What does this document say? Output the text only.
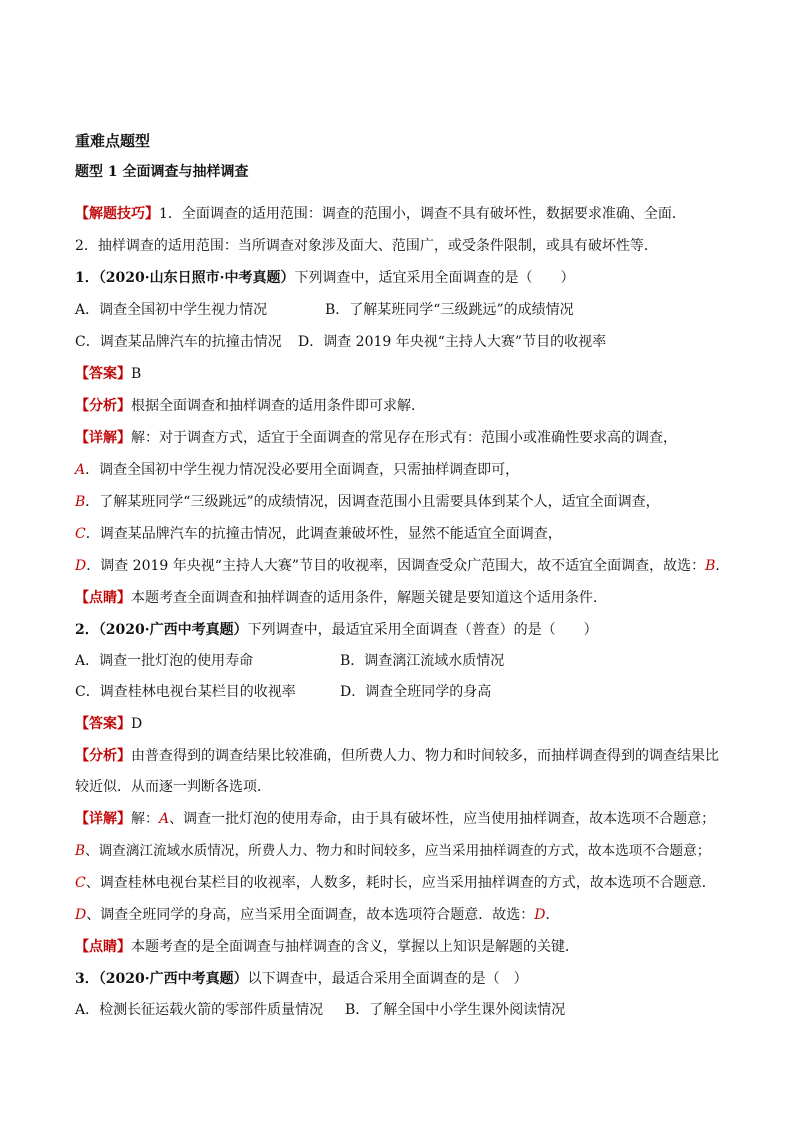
重难点题型
题型 1 全面调查与抽样调查
【解题技巧】1．全面调查的适用范围：调查的范围小，调查不具有破坏性，数据要求准确、全面．
2．抽样调查的适用范围：当所调查对象涉及面大、范围广，或受条件限制，或具有破坏性等．
1．（2020·山东日照市·中考真题）下列调查中，适宜采用全面调查的是（　　）
A．调查全国初中学生视力情况	B．了解某班同学“三级跳远”的成绩情况
C．调查某品牌汽车的抗撞击情况 D．调查 2019 年央视“主持人大赛”节目的收视率
【答案】B
【分析】根据全面调查和抽样调查的适用条件即可求解．
【详解】解：对于调查方式，适宜于全面调查的常见存在形式有：范围小或准确性要求高的调查，
A．调查全国初中学生视力情况没必要用全面调查，只需抽样调查即可，
B．了解某班同学“三级跳远”的成绩情况，因调查范围小且需要具体到某个人，适宜全面调查，
C．调查某品牌汽车的抗撞击情况，此调查兼破坏性，显然不能适宜全面调查，
D．调查 2019 年央视“主持人大赛”节目的收视率，因调查受众广范围大，故不适宜全面调查，故选：B．
【点睛】本题考查全面调查和抽样调查的适用条件，解题关键是要知道这个适用条件．
2．（2020·广西中考真题）下列调查中，最适宜采用全面调查（普查）的是（　　）
A．调查一批灯泡的使用寿命	B．调查漓江流域水质情况
C．调查桂林电视台某栏目的收视率	D．调查全班同学的身高
【答案】D
【分析】由普查得到的调查结果比较准确，但所费人力、物力和时间较多，而抽样调查得到的调查结果比
较近似．从而逐一判断各选项．
【详解】解：A、调查一批灯泡的使用寿命，由于具有破坏性，应当使用抽样调查，故本选项不合题意；
B、调查漓江流域水质情况，所费人力、物力和时间较多，应当采用抽样调查的方式，故本选项不合题意；
C、调查桂林电视台某栏目的收视率，人数多，耗时长，应当采用抽样调查的方式，故本选项不合题意．
D、调查全班同学的身高，应当采用全面调查，故本选项符合题意．故选：D．
【点睛】本题考查的是全面调查与抽样调查的含义，掌握以上知识是解题的关键．
3．（2020·广西中考真题）以下调查中，最适合采用全面调查的是（　）
A．检测长征运载火箭的零部件质量情况 B．了解全国中小学生课外阅读情况
